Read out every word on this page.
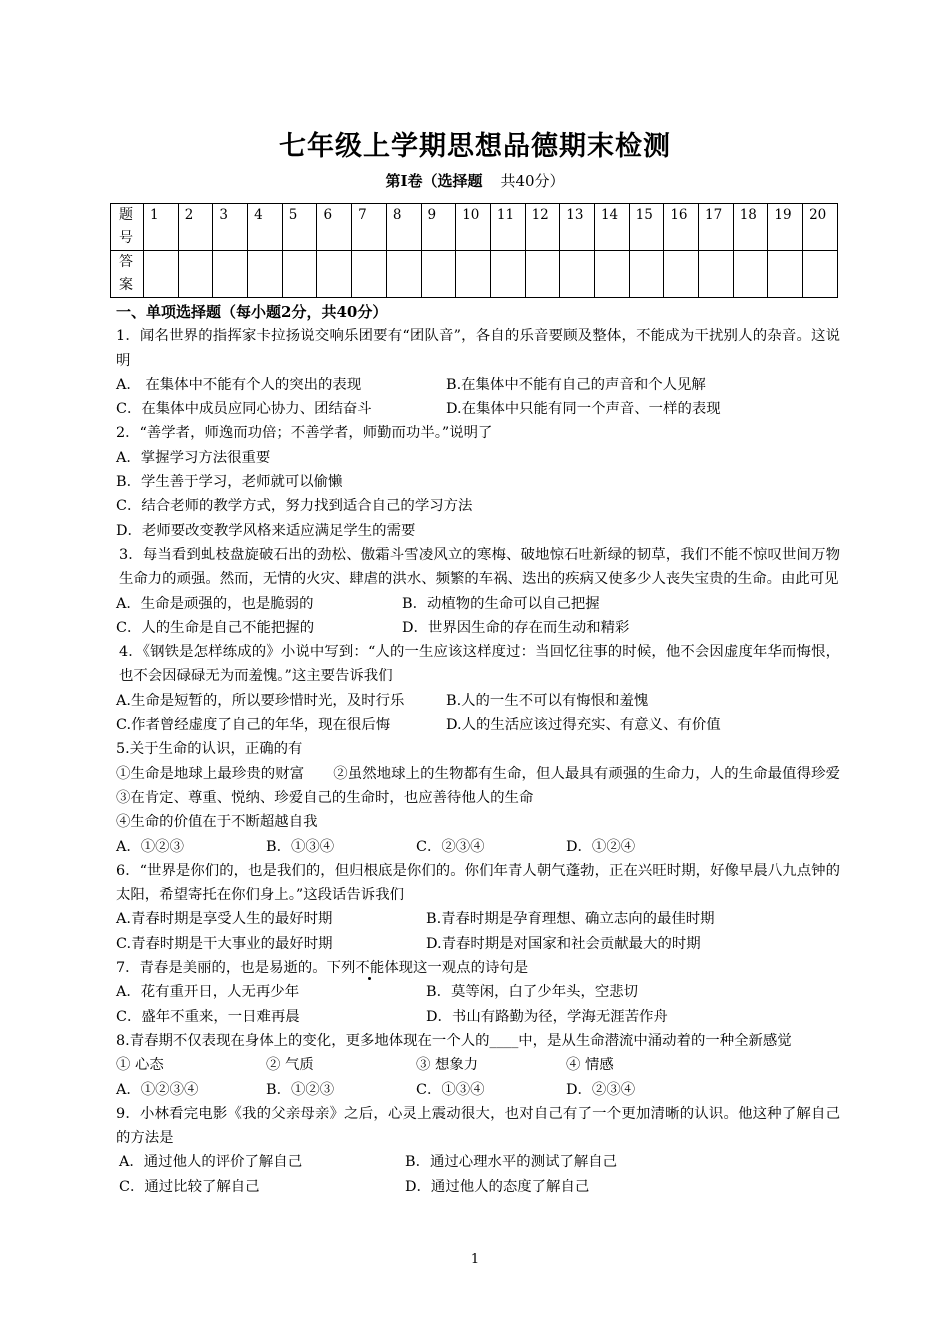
七年级上学期思想品德期末检测
第Ⅰ卷（选择题 共40分）
题号	1	2	3	4	5	6	7	8	9	10	11	12	13	14	15	16	17	18	19	20
答案																				
一、单项选择题（每小题2分，共40分）
1．闻名世界的指挥家卡拉扬说交响乐团要有“团队音”，各自的乐音要顾及整体，不能成为干扰别人的杂音。这说明
A． 在集体中不能有个人的突出的表现	B.在集体中不能有自己的声音和个人见解
C．在集体中成员应同心协力、团结奋斗	D.在集体中只能有同一个声音、一样的表现
2．“善学者，师逸而功倍；不善学者，师勤而功半。”说明了
A．掌握学习方法很重要
B．学生善于学习，老师就可以偷懒
C．结合老师的教学方式，努力找到适合自己的学习方法
D．老师要改变教学风格来适应满足学生的需要
3．每当看到虬枝盘旋破石出的劲松、傲霜斗雪凌风立的寒梅、破地惊石吐新绿的韧草，我们不能不惊叹世间万物生命力的顽强。然而，无情的火灾、肆虐的洪水、频繁的车祸、迭出的疾病又使多少人丧失宝贵的生命。由此可见
A．生命是顽强的，也是脆弱的	B．动植物的生命可以自己把握
C．人的生命是自己不能把握的	D．世界因生命的存在而生动和精彩
4．《钢铁是怎样练成的》小说中写到：“人的一生应该这样度过：当回忆往事的时候，他不会因虚度年华而悔恨，也不会因碌碌无为而羞愧。”这主要告诉我们
A.生命是短暂的，所以要珍惜时光，及时行乐	B.人的一生不可以有悔恨和羞愧
C.作者曾经虚度了自己的年华，现在很后悔	D.人的生活应该过得充实、有意义、有价值
5.关于生命的认识，正确的有
①生命是地球上最珍贵的财富　　 ②虽然地球上的生物都有生命，但人最具有顽强的生命力，人的生命最值得珍爱　　③在肯定、尊重、悦纳、珍爱自己的生命时，也应善待他人的生命
④生命的价值在于不断超越自我
A．①②③	B．①③④	C．②③④	D．①②④
6．“世界是你们的，也是我们的，但归根底是你们的。你们年青人朝气蓬勃，正在兴旺时期，好像早晨八九点钟的太阳，希望寄托在你们身上。”这段话告诉我们
A.青春时期是享受人生的最好时期	B.青春时期是孕育理想、确立志向的最佳时期
C.青春时期是干大事业的最好时期	D.青春时期是对国家和社会贡献最大的时期
7．青春是美丽的，也是易逝的。下列不能体现这一观点的诗句是
A．花有重开日，人无再少年	B．莫等闲，白了少年头，空悲切
C．盛年不重来，一日难再晨	D．书山有路勤为径，学海无涯苦作舟
8.青春期不仅表现在身体上的变化，更多地体现在一个人的____中，是从生命潜流中涌动着的一种全新感觉
① 心态	② 气质	③ 想象力	④ 情感
A．①②③④	B．①②③	C．①③④	D．②③④
9．小林看完电影《我的父亲母亲》之后，心灵上震动很大，也对自己有了一个更加清晰的认识。他这种了解自己的方法是
A．通过他人的评价了解自己	B．通过心理水平的测试了解自己
C．通过比较了解自己	D．通过他人的态度了解自己
1
